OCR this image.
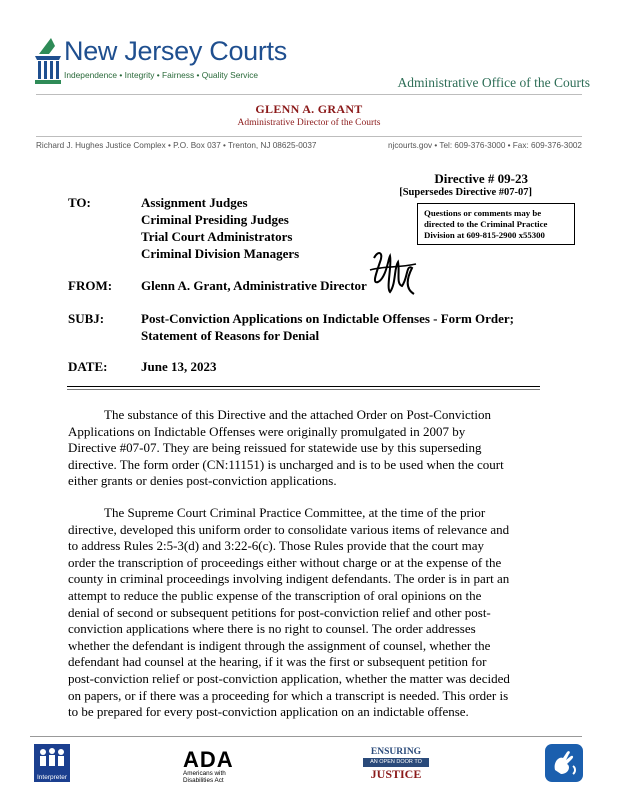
New Jersey Courts
Independence • Integrity • Fairness • Quality Service	Administrative Office of the Courts
GLENN A. GRANT
Administrative Director of the Courts
Richard J. Hughes Justice Complex • P.O. Box 037 • Trenton, NJ 08625-0037	njcourts.gov • Tel: 609-376-3000 • Fax: 609-376-3002
Directive # 09-23
[Supersedes Directive #07-07]
Questions or comments may be
directed to the Criminal Practice
Division at 609-815-2900 x55300
TO:	Assignment Judges
Criminal Presiding Judges
Trial Court Administrators
Criminal Division Managers
FROM: Glenn A. Grant, Administrative Director
SUBJ:	Post-Conviction Applications on Indictable Offenses - Form Order;
Statement of Reasons for Denial
DATE:	June 13, 2023
The substance of this Directive and the attached Order on Post-Conviction
Applications on Indictable Offenses were originally promulgated in 2007 by
Directive #07-07. They are being reissued for statewide use by this superseding
directive. The form order (CN:11151) is uncharged and is to be used when the court
either grants or denies post-conviction applications.
The Supreme Court Criminal Practice Committee, at the time of the prior
directive, developed this uniform order to consolidate various items of relevance and
to address Rules 2:5-3(d) and 3:22-6(c). Those Rules provide that the court may
order the transcription of proceedings either without charge or at the expense of the
county in criminal proceedings involving indigent defendants. The order is in part an
attempt to reduce the public expense of the transcription of oral opinions on the
denial of second or subsequent petitions for post-conviction relief and other post-
conviction applications where there is no right to counsel. The order addresses
whether the defendant is indigent through the assignment of counsel, whether the
defendant had counsel at the hearing, if it was the first or subsequent petition for
post-conviction relief or post-conviction application, whether the matter was decided
on papers, or if there was a proceeding for which a transcript is needed. This order is
to be prepared for every post-conviction application on an indictable offense.
Interpreter
ADA
Americans with Disabilities Act
ENSURING
AN OPEN DOOR TO
JUSTICE
